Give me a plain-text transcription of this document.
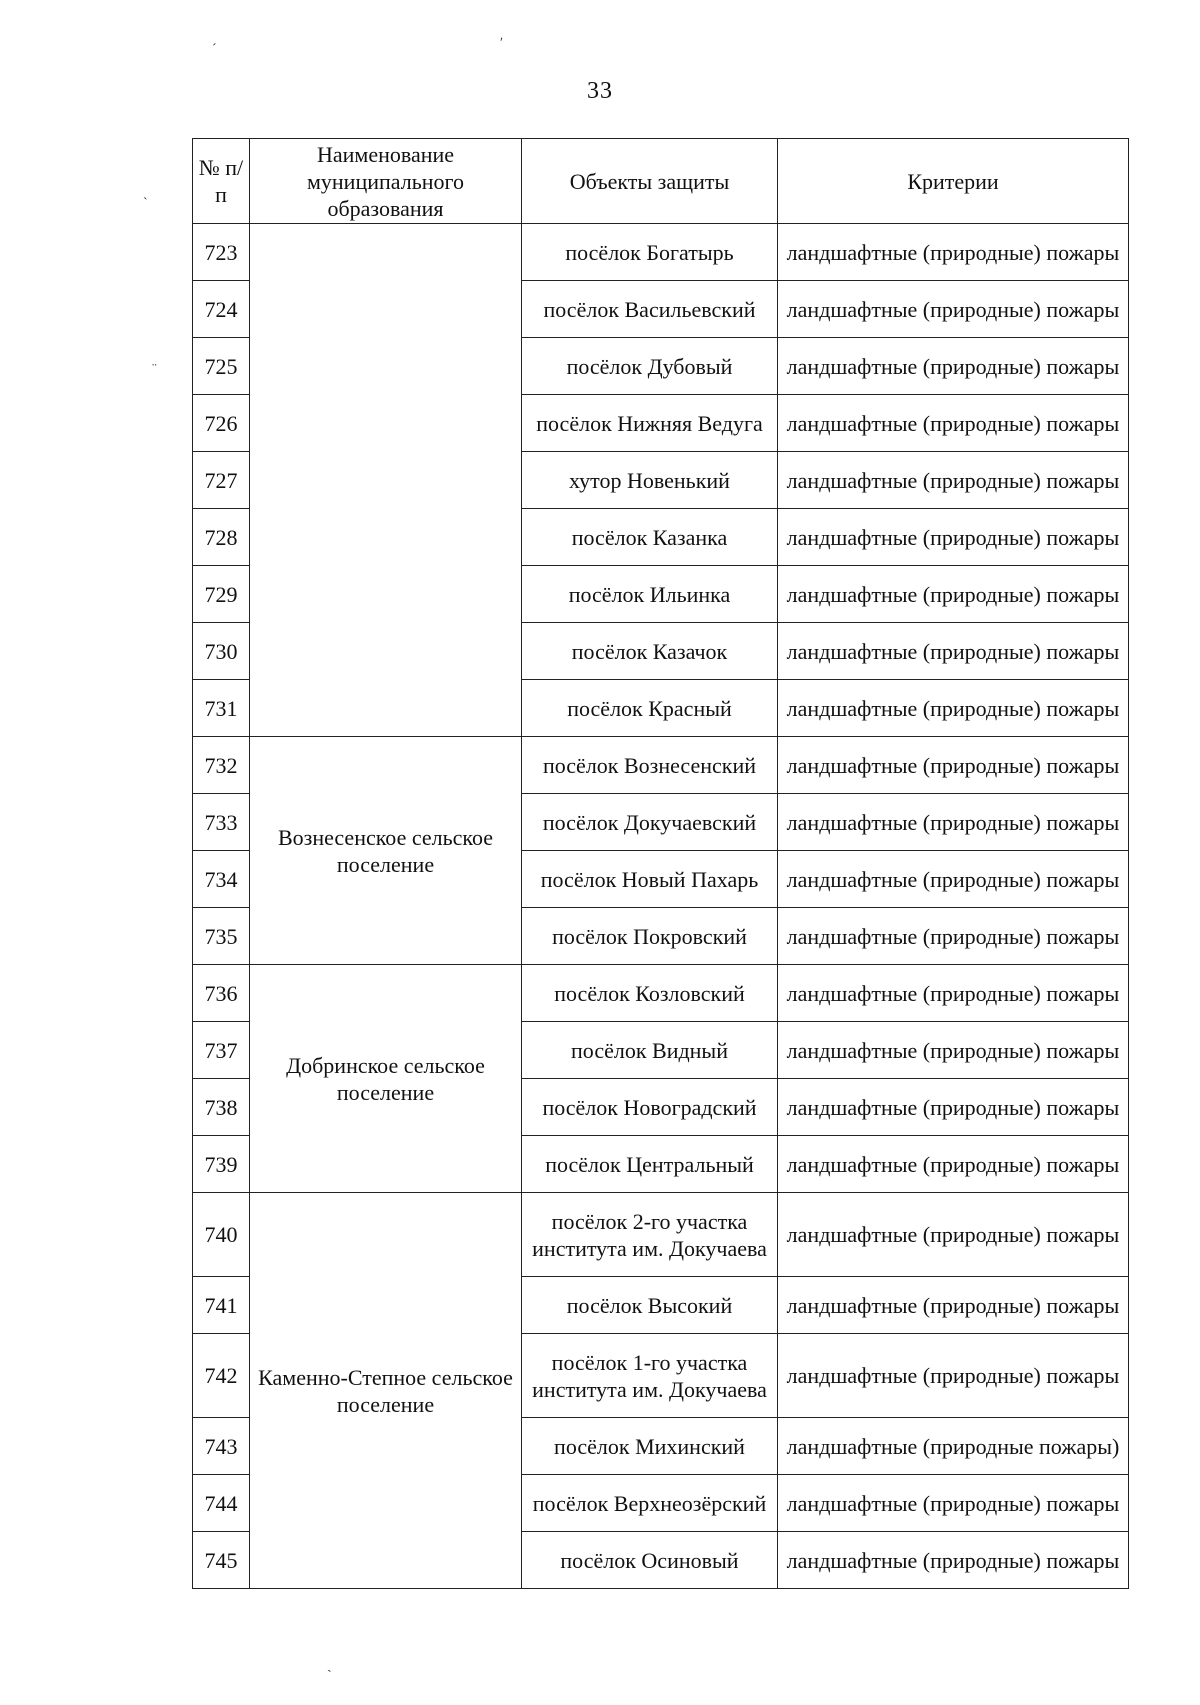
33
´	ʹ
`
¨
ˏ
№ п/п	Наименование муниципального образования	Объекты защиты	Критерии
723		посёлок Богатырь	ландшафтные (природные) пожары
724		посёлок Васильевский	ландшафтные (природные) пожары
725		посёлок Дубовый	ландшафтные (природные) пожары
726		посёлок Нижняя Ведуга	ландшафтные (природные) пожары
727		хутор Новенький	ландшафтные (природные) пожары
728		посёлок Казанка	ландшафтные (природные) пожары
729		посёлок Ильинка	ландшафтные (природные) пожары
730		посёлок Казачок	ландшафтные (природные) пожары
731		посёлок Красный	ландшафтные (природные) пожары
732	Вознесенское сельское поселение	посёлок Вознесенский	ландшафтные (природные) пожары
733		посёлок Докучаевский	ландшафтные (природные) пожары
734		посёлок Новый Пахарь	ландшафтные (природные) пожары
735		посёлок Покровский	ландшафтные (природные) пожары
736	Добринское сельское поселение	посёлок Козловский	ландшафтные (природные) пожары
737		посёлок Видный	ландшафтные (природные) пожары
738		посёлок Новоградский	ландшафтные (природные) пожары
739		посёлок Центральный	ландшафтные (природные) пожары
740	Каменно-Степное сельское поселение	посёлок 2-го участка института им. Докучаева	ландшафтные (природные) пожары
741		посёлок Высокий	ландшафтные (природные) пожары
742		посёлок 1-го участка института им. Докучаева	ландшафтные (природные) пожары
743		посёлок Михинский	ландшафтные (природные пожары)
744		посёлок Верхнеозёрский	ландшафтные (природные) пожары
745		посёлок Осиновый	ландшафтные (природные) пожары
